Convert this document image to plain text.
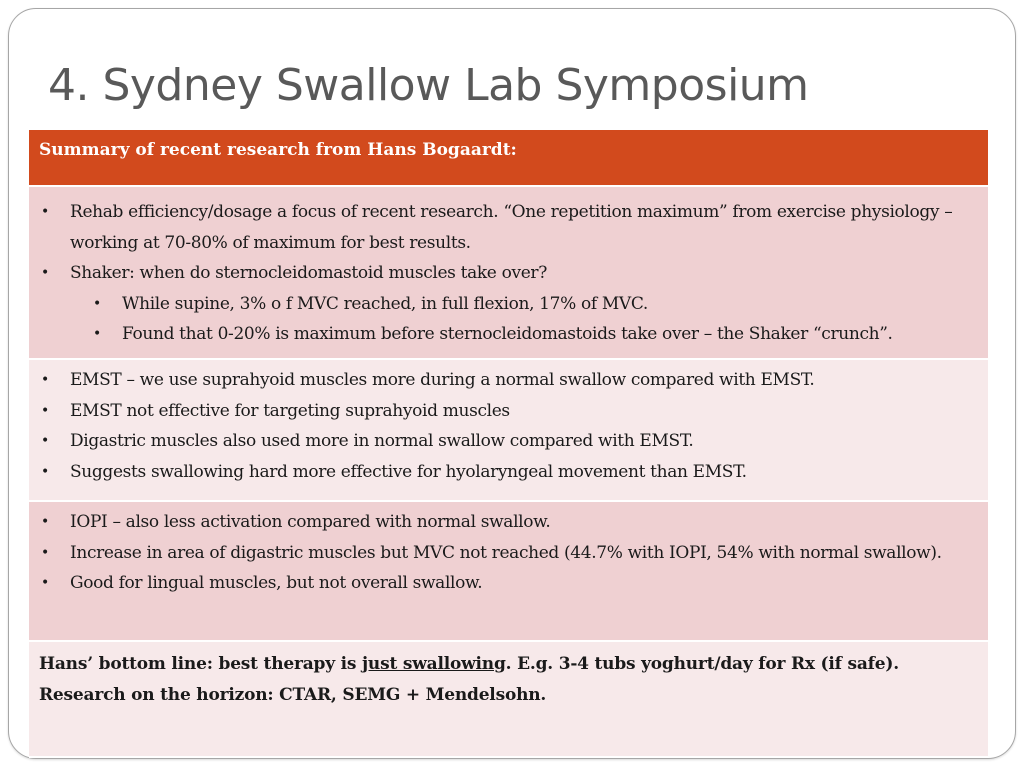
4. Sydney Swallow Lab Symposium
Summary of recent research from Hans Bogaardt:
• Rehab efficiency/dosage a focus of recent research. “One repetition maximum” from exercise physiology – working at 70-80% of maximum for best results.
• Shaker: when do sternocleidomastoid muscles take over?
• While supine, 3% o f MVC reached, in full flexion, 17% of MVC.
• Found that 0-20% is maximum before sternocleidomastoids take over – the Shaker “crunch”.
• EMST – we use suprahyoid muscles more during a normal swallow compared with EMST.
• EMST not effective for targeting suprahyoid muscles
• Digastric muscles also used more in normal swallow compared with EMST.
• Suggests swallowing hard more effective for hyolaryngeal movement than EMST.
• IOPI – also less activation compared with normal swallow.
• Increase in area of digastric muscles but MVC not reached (44.7% with IOPI, 54% with normal swallow).
• Good for lingual muscles, but not overall swallow.
Hans’ bottom line: best therapy is just swallowing. E.g. 3-4 tubs yoghurt/day for Rx (if safe).
Research on the horizon: CTAR, SEMG + Mendelsohn.
